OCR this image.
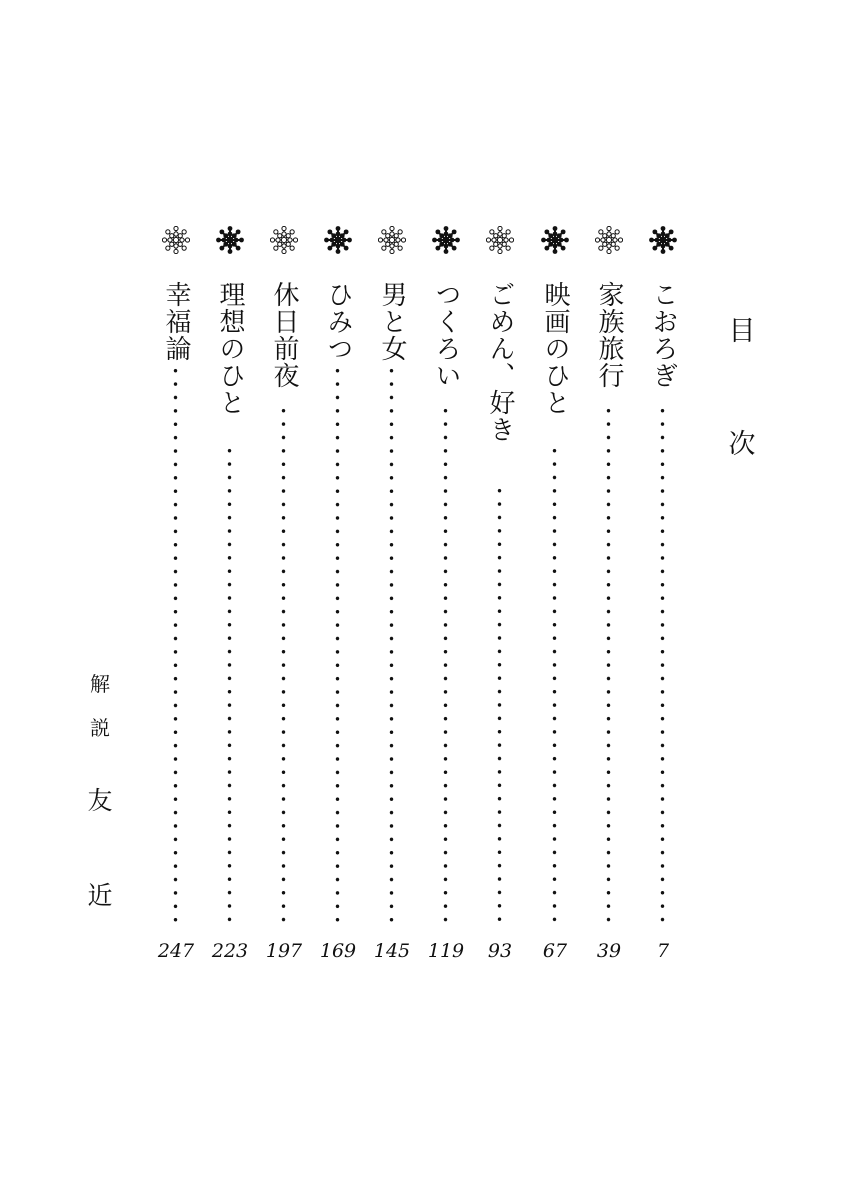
目
次
こおろぎ
7
家族旅行
39
映画のひと
67
ごめん、好き
93
つくろい
119
男と女
145
ひみつ
169
休日前夜
197
理想のひと
223
幸福論
247
解
説
友
近
